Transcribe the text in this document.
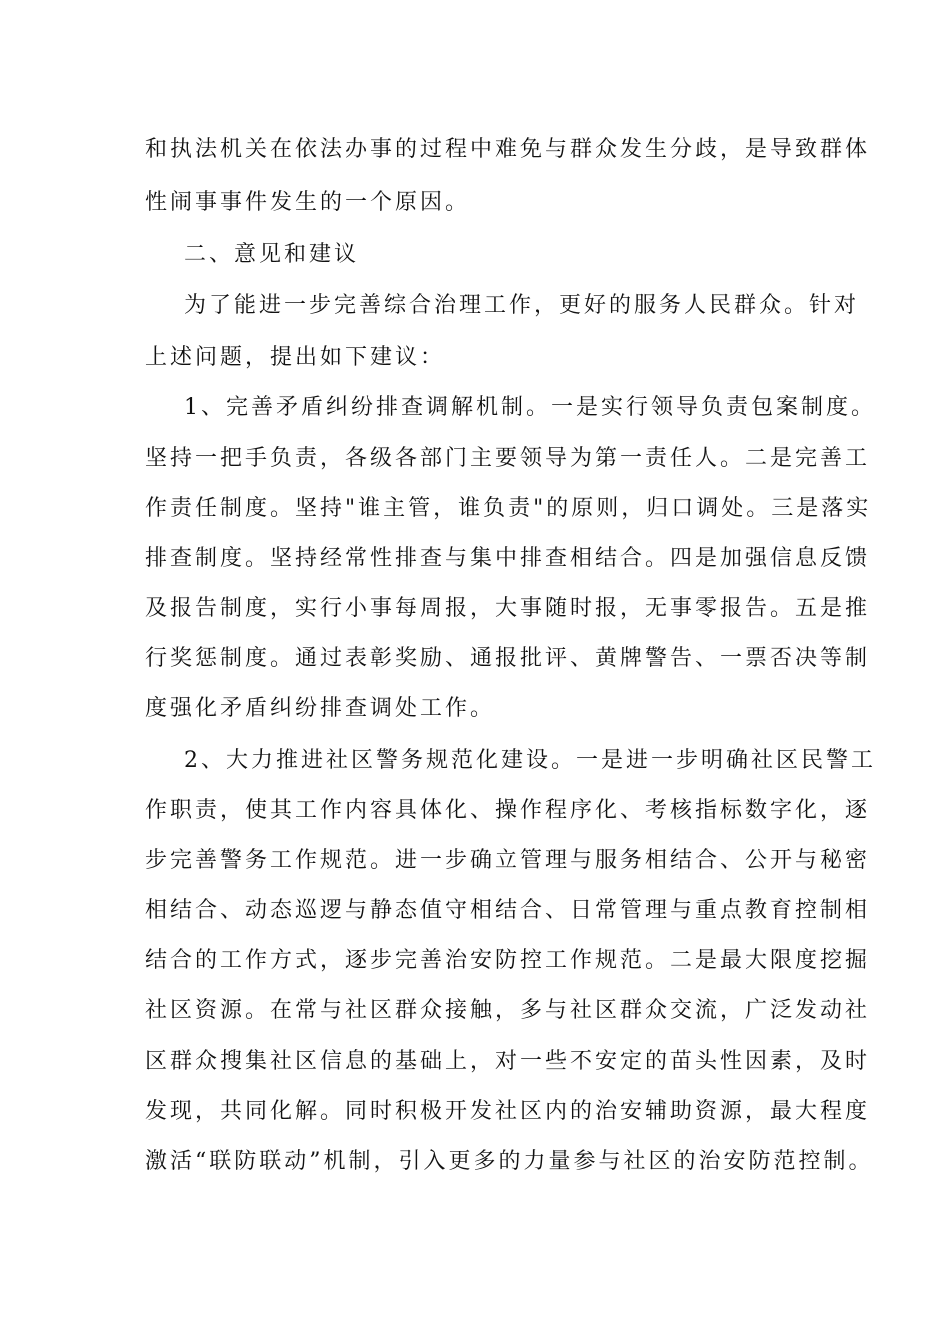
和执法机关在依法办事的过程中难免与群众发生分歧，是导致群体
性闹事事件发生的一个原因。
二、意见和建议
为了能进一步完善综合治理工作，更好的服务人民群众。针对
上述问题，提出如下建议：
1、完善矛盾纠纷排查调解机制。一是实行领导负责包案制度。
坚持一把手负责，各级各部门主要领导为第一责任人。二是完善工
作责任制度。坚持"谁主管，谁负责"的原则，归口调处。三是落实
排查制度。坚持经常性排查与集中排查相结合。四是加强信息反馈
及报告制度，实行小事每周报，大事随时报，无事零报告。五是推
行奖惩制度。通过表彰奖励、通报批评、黄牌警告、一票否决等制
度强化矛盾纠纷排查调处工作。
2、大力推进社区警务规范化建设。一是进一步明确社区民警工
作职责，使其工作内容具体化、操作程序化、考核指标数字化，逐
步完善警务工作规范。进一步确立管理与服务相结合、公开与秘密
相结合、动态巡逻与静态值守相结合、日常管理与重点教育控制相
结合的工作方式，逐步完善治安防控工作规范。二是最大限度挖掘
社区资源。在常与社区群众接触，多与社区群众交流，广泛发动社
区群众搜集社区信息的基础上，对一些不安定的苗头性因素，及时
发现，共同化解。同时积极开发社区内的治安辅助资源，最大程度
激活“联防联动”机制，引入更多的力量参与社区的治安防范控制。
